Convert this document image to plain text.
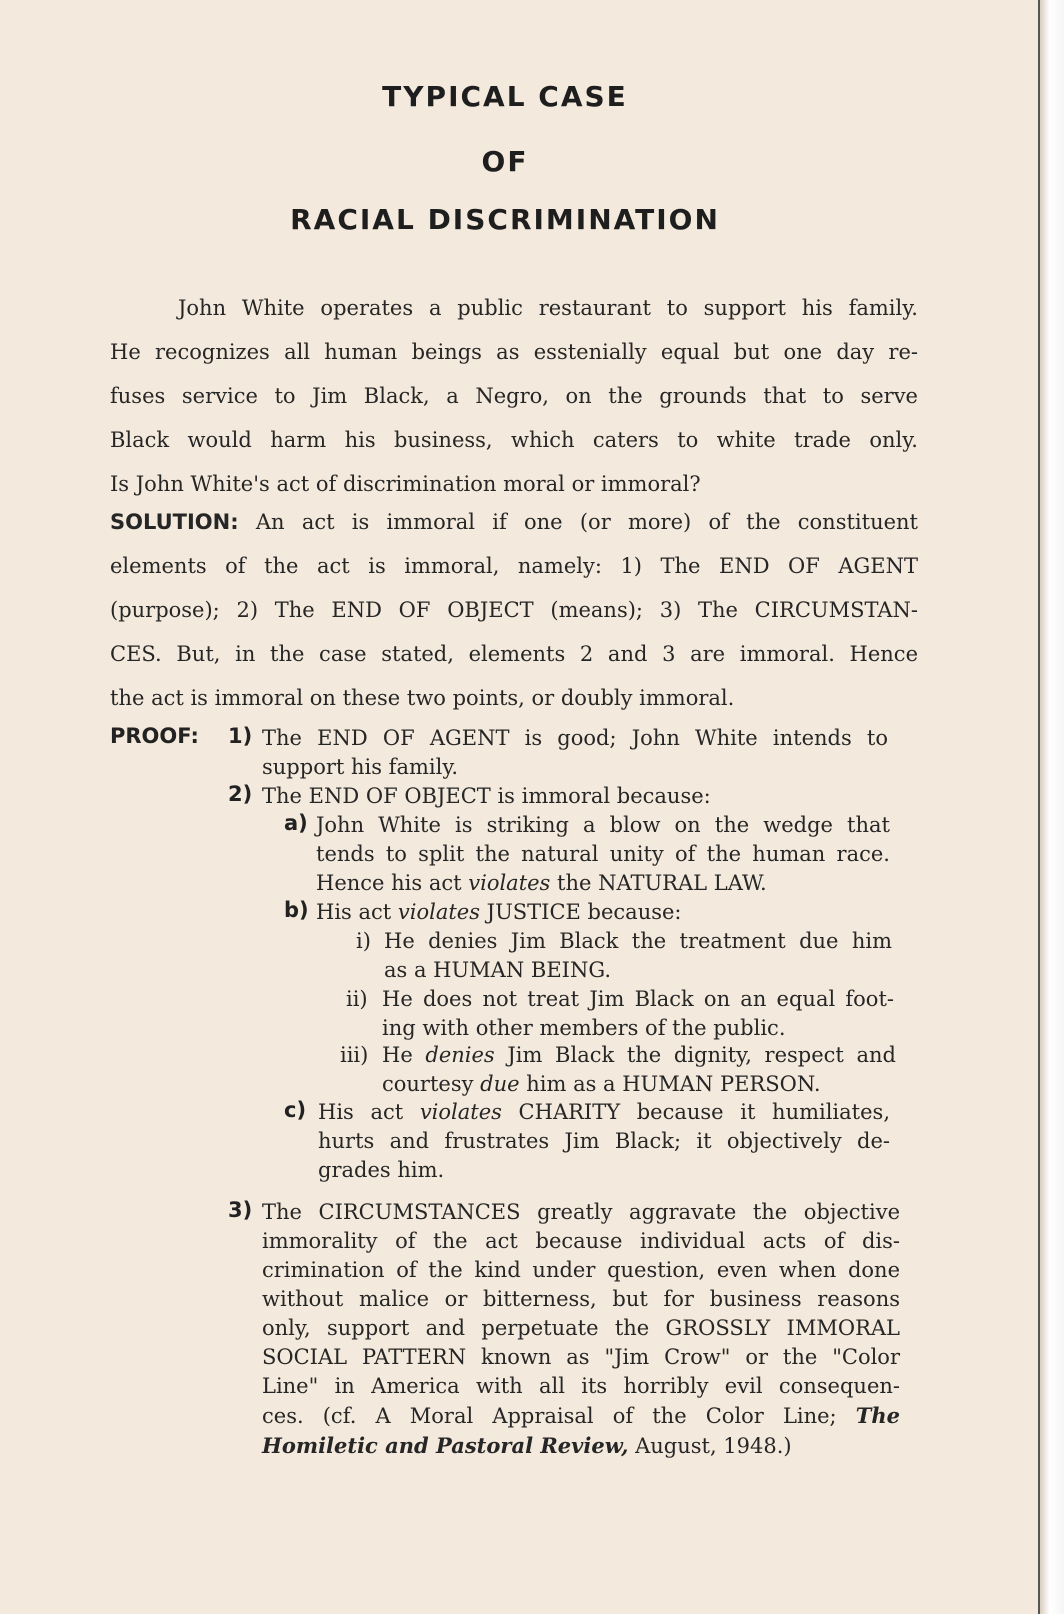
TYPICAL CASE
OF
RACIAL DISCRIMINATION
John White operates a public restaurant to support his family.
He recognizes all human beings as esstenially equal but one day re-
fuses service to Jim Black, a Negro, on the grounds that to serve
Black would harm his business, which caters to white trade only.
Is John White's act of discrimination moral or immoral?
SOLUTION: An act is immoral if one (or more) of the constituent
elements of the act is immoral, namely: 1) The END OF AGENT
(purpose); 2) The END OF OBJECT (means); 3) The CIRCUMSTAN-
CES. But, in the case stated, elements 2 and 3 are immoral. Hence
the act is immoral on these two points, or doubly immoral.
PROOF: 1) The END OF AGENT is good; John White intends to
support his family.
2) The END OF OBJECT is immoral because:
a) John White is striking a blow on the wedge that
tends to split the natural unity of the human race.
Hence his act violates the NATURAL LAW.
b) His act violates JUSTICE because:
i) He denies Jim Black the treatment due him
as a HUMAN BEING.
ii) He does not treat Jim Black on an equal foot-
ing with other members of the public.
iii) He denies Jim Black the dignity, respect and
courtesy due him as a HUMAN PERSON.
c) His act violates CHARITY because it humiliates,
hurts and frustrates Jim Black; it objectively de-
grades him.
3) The CIRCUMSTANCES greatly aggravate the objective
immorality of the act because individual acts of dis-
crimination of the kind under question, even when done
without malice or bitterness, but for business reasons
only, support and perpetuate the GROSSLY IMMORAL
SOCIAL PATTERN known as "Jim Crow" or the "Color
Line" in America with all its horribly evil consequen-
ces. (cf. A Moral Appraisal of the Color Line; The
Homiletic and Pastoral Review, August, 1948.)
